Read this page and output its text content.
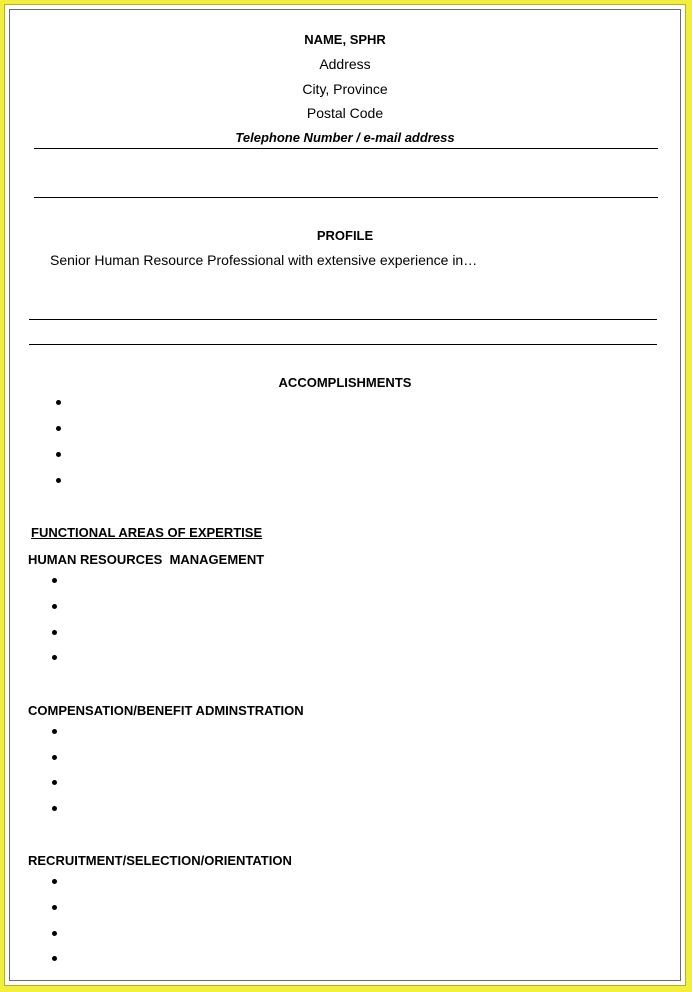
NAME, SPHR
Address
City, Province
Postal Code
Telephone Number / e-mail address
PROFILE
Senior Human Resource Professional with extensive experience in…
ACCOMPLISHMENTS
FUNCTIONAL AREAS OF EXPERTISE
HUMAN RESOURCES  MANAGEMENT
COMPENSATION/BENEFIT ADMINSTRATION
RECRUITMENT/SELECTION/ORIENTATION
